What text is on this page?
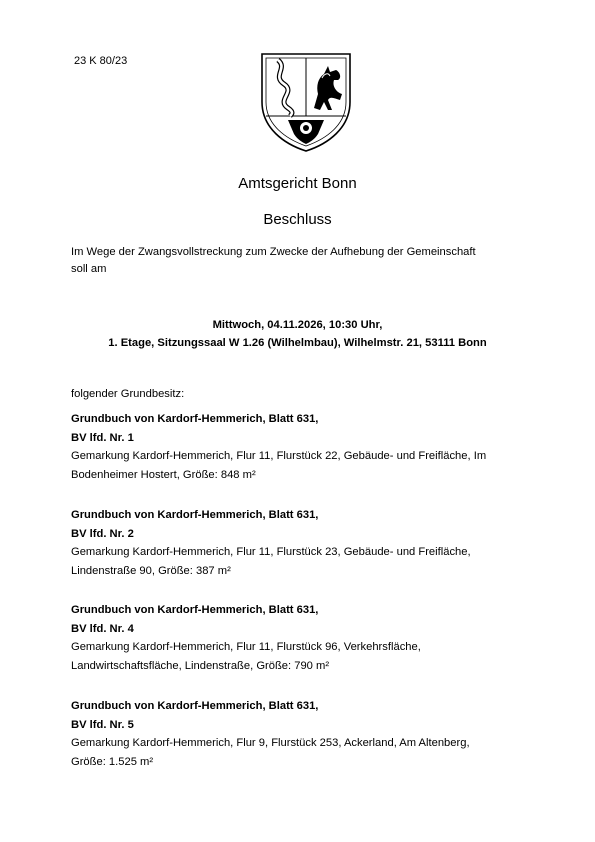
23 K 80/23
Amtsgericht Bonn
Beschluss
Im Wege der Zwangsvollstreckung zum Zwecke der Aufhebung der Gemeinschaft
soll am
Mittwoch, 04.11.2026, 10:30 Uhr,
1. Etage, Sitzungssaal W 1.26 (Wilhelmbau), Wilhelmstr. 21, 53111 Bonn
folgender Grundbesitz:
Grundbuch von Kardorf-Hemmerich, Blatt 631,
BV lfd. Nr. 1
Gemarkung Kardorf-Hemmerich, Flur 11, Flurstück 22, Gebäude- und Freifläche, Im
Bodenheimer Hostert, Größe: 848 m²
Grundbuch von Kardorf-Hemmerich, Blatt 631,
BV lfd. Nr. 2
Gemarkung Kardorf-Hemmerich, Flur 11, Flurstück 23, Gebäude- und Freifläche,
Lindenstraße 90, Größe: 387 m²
Grundbuch von Kardorf-Hemmerich, Blatt 631,
BV lfd. Nr. 4
Gemarkung Kardorf-Hemmerich, Flur 11, Flurstück 96, Verkehrsfläche,
Landwirtschaftsfläche, Lindenstraße, Größe: 790 m²
Grundbuch von Kardorf-Hemmerich, Blatt 631,
BV lfd. Nr. 5
Gemarkung Kardorf-Hemmerich, Flur 9, Flurstück 253, Ackerland, Am Altenberg,
Größe: 1.525 m²
